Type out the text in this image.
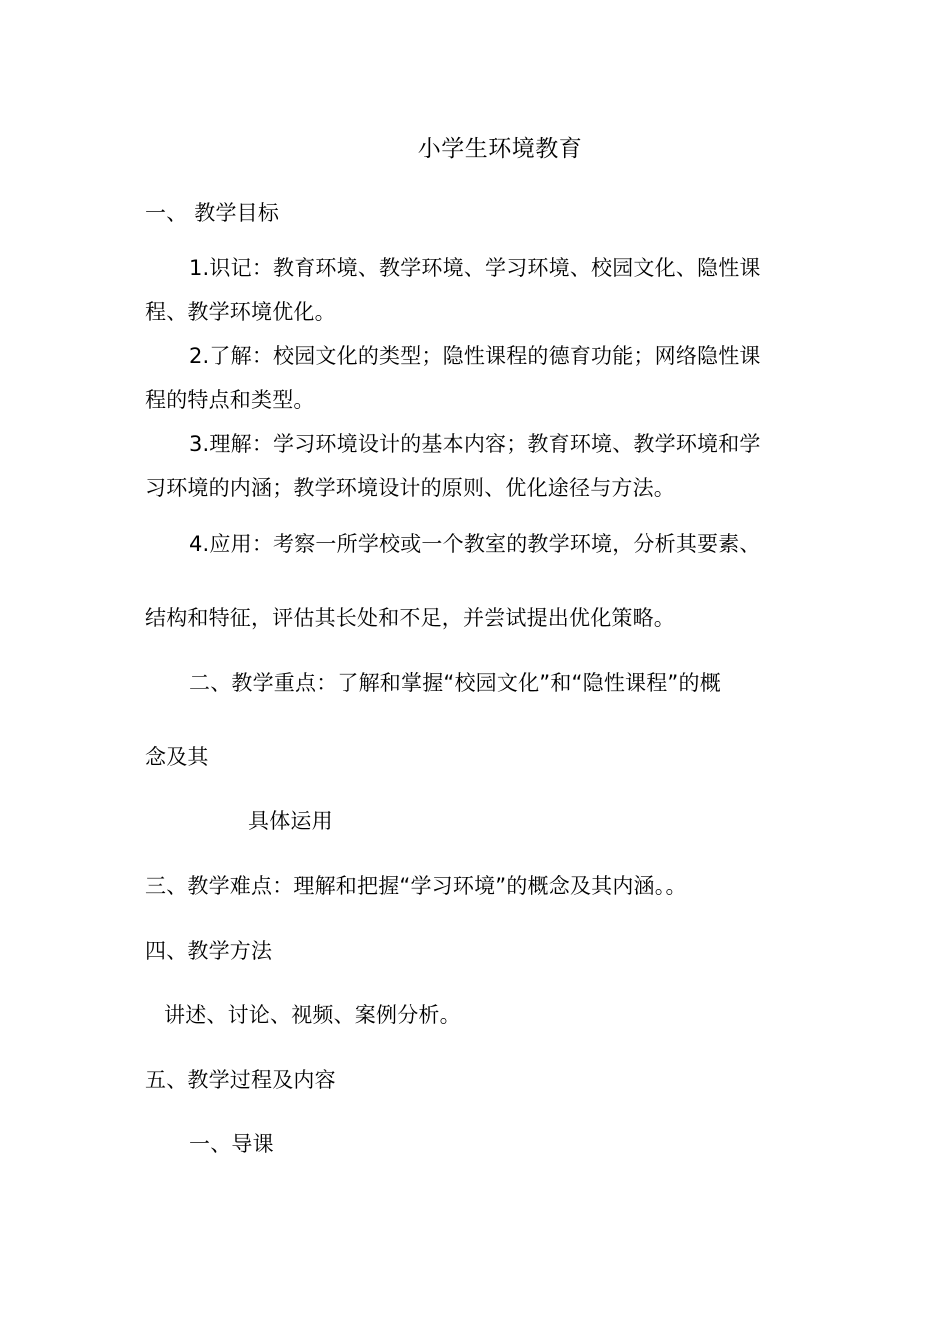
小学生环境教育
一、 教学目标
1.识记：教育环境、教学环境、学习环境、校园文化、隐性课
程、教学环境优化。
2.了解：校园文化的类型；隐性课程的德育功能；网络隐性课
程的特点和类型。
3.理解：学习环境设计的基本内容；教育环境、教学环境和学
习环境的内涵；教学环境设计的原则、优化途径与方法。
4.应用：考察一所学校或一个教室的教学环境，分析其要素、
结构和特征，评估其长处和不足，并尝试提出优化策略。
二、教学重点：了解和掌握“校园文化”和“隐性课程”的概
念及其
具体运用
三、教学难点：理解和把握“学习环境”的概念及其内涵。。
四、教学方法
讲述、讨论、视频、案例分析。
五、教学过程及内容
一、导课
